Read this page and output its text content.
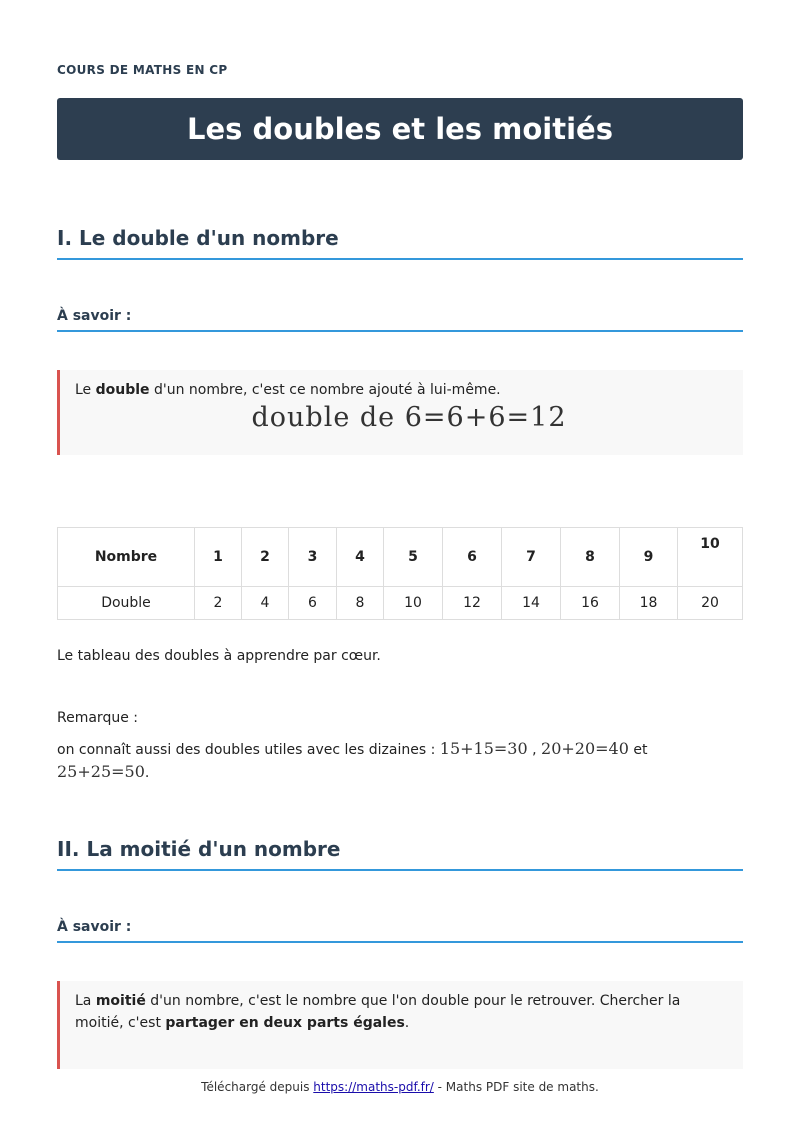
COURS DE MATHS EN CP
Les doubles et les moitiés
I. Le double d'un nombre
À savoir :
Le double d'un nombre, c'est ce nombre ajouté à lui-même.
double de 6=6+6=12
Nombre	1	2	3	4	5	6	7	8	9	10
Double	2	4	6	8	10	12	14	16	18	20
Le tableau des doubles à apprendre par cœur.
Remarque :
on connaît aussi des doubles utiles avec les dizaines : 15+15=30 , 20+20=40 et
25+25=50.
II. La moitié d'un nombre
À savoir :
La moitié d'un nombre, c'est le nombre que l'on double pour le retrouver. Chercher la moitié, c'est partager en deux parts égales.
Téléchargé depuis https://maths-pdf.fr/ - Maths PDF site de maths.
